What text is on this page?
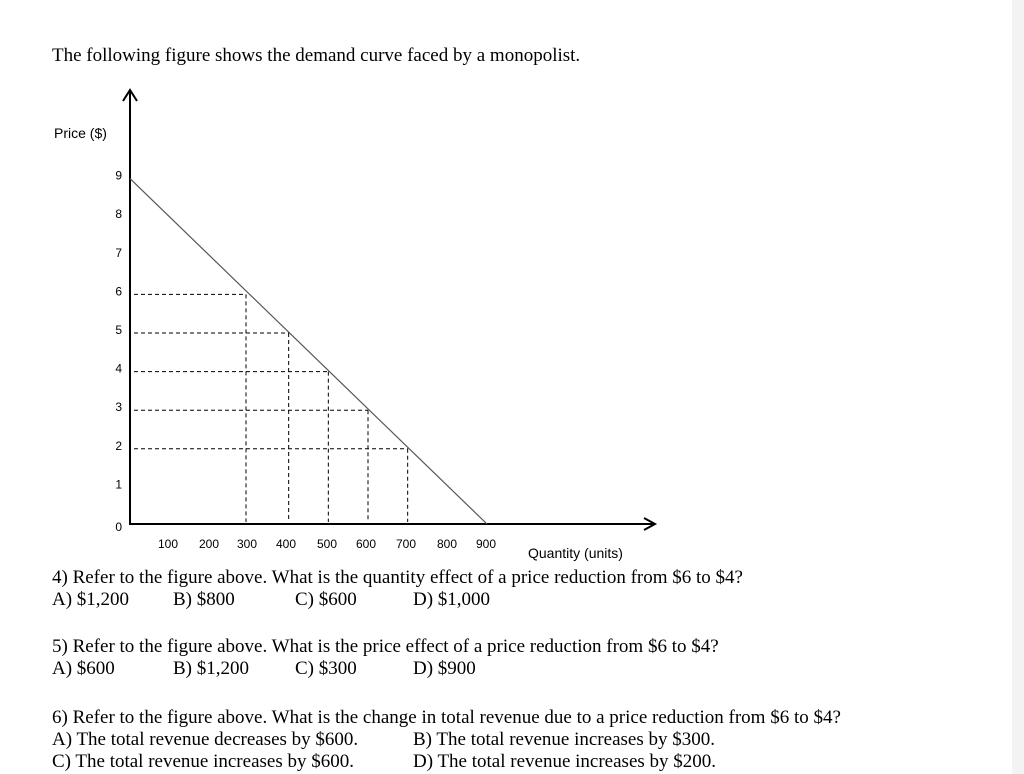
The following figure shows the demand curve faced by a monopolist.
0
1
2
3
4
5
6
7
8
9
100 200 300 400 500 600 700 800 900
Price ($)
Quantity (units)
4) Refer to the figure above. What is the quantity effect of a price reduction from $6 to $4?
A) $1,200 B) $800	C) $600	D) $1,000
5) Refer to the figure above. What is the price effect of a price reduction from $6 to $4?
A) $600	B) $1,200 C) $300	D) $900
6) Refer to the figure above. What is the change in total revenue due to a price reduction from $6 to $4?
A) The total revenue decreases by $600.	B) The total revenue increases by $300.
C) The total revenue increases by $600.	D) The total revenue increases by $200.
